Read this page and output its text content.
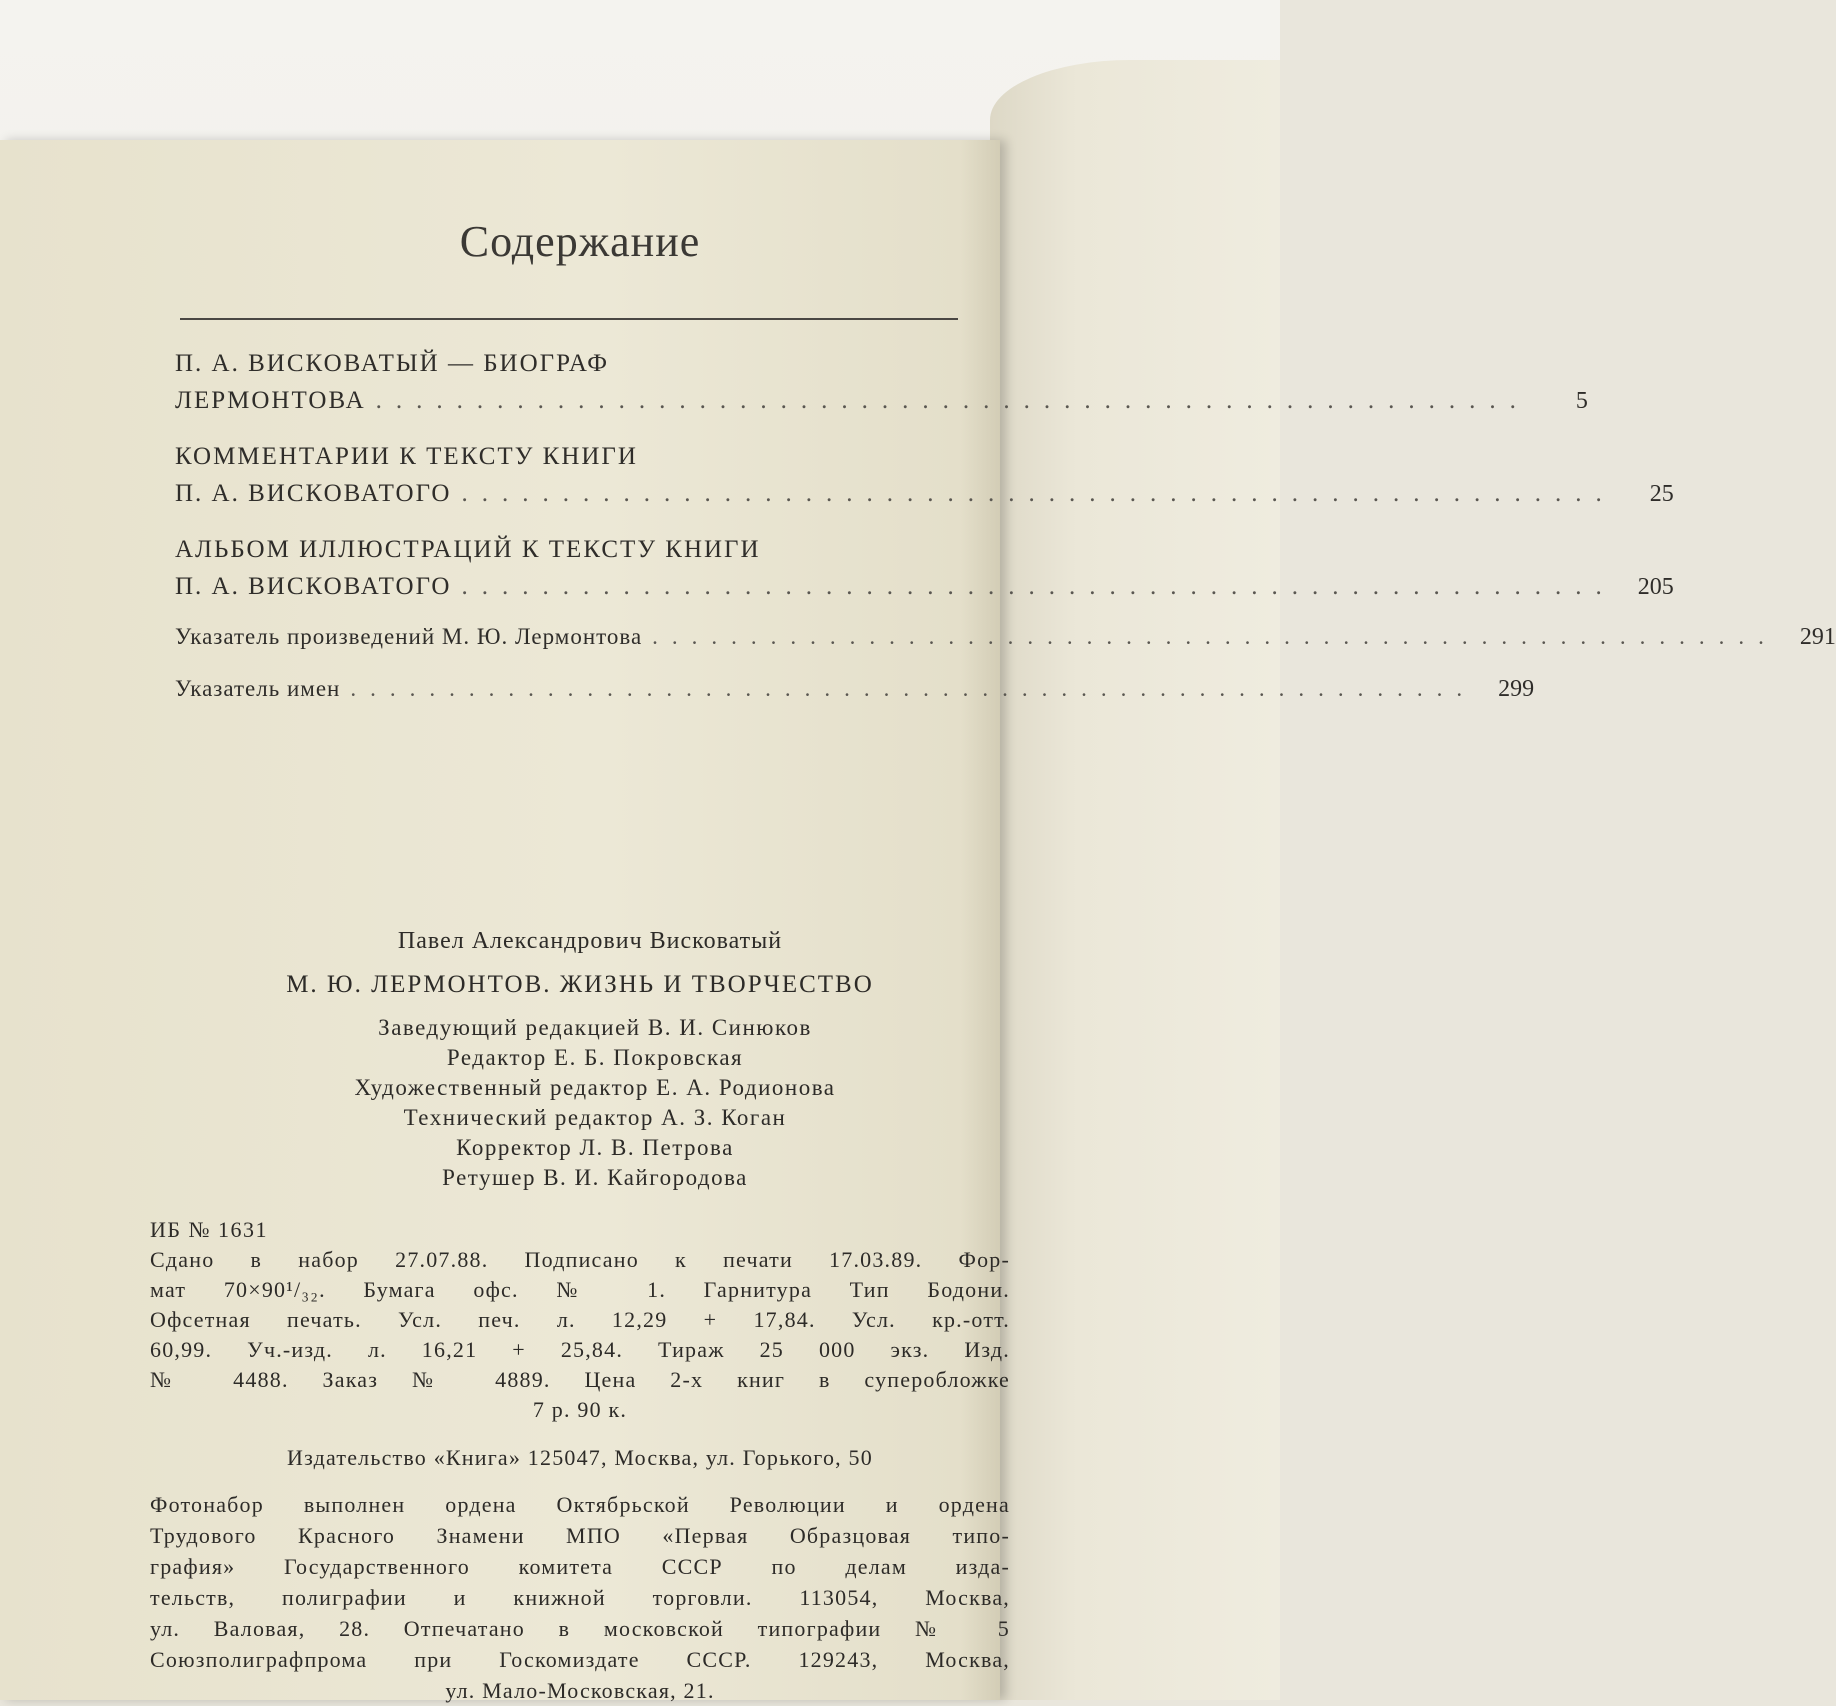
Содержание
П. А. ВИСКОВАТЫЙ — БИОГРАФ
ЛЕРМОНТОВА .........................................................	5
КОММЕНТАРИИ К ТЕКСТУ КНИГИ
П. А. ВИСКОВАТОГО .........................................................	25
АЛЬБОМ ИЛЛЮСТРАЦИЙ К ТЕКСТУ КНИГИ
П. А. ВИСКОВАТОГО ......................................................... 205
Указатель произведений М. Ю. Лермонтова ......................................................... 291
Указатель имен ......................................................... 299
Павел Александрович Висковатый
М. Ю. ЛЕРМОНТОВ. ЖИЗНЬ И ТВОРЧЕСТВО
Заведующий редакцией В. И. Синюков
Редактор Е. Б. Покровская
Художественный редактор Е. А. Родионова
Технический редактор А. З. Коган
Корректор Л. В. Петрова
Ретушер В. И. Кайгородова
ИБ № 1631
Сдано в набор 27.07.88. Подписано к печати 17.03.89. Фор-
мат 70×90¹/₃₂. Бумага офс. № 1. Гарнитура Тип Бодони.
Офсетная печать. Усл. печ. л. 12,29 + 17,84. Усл. кр.-отт.
60,99. Уч.-изд. л. 16,21 + 25,84. Тираж 25 000 экз. Изд.
№ 4488. Заказ № 4889. Цена 2-х книг в суперобложке
7 р. 90 к.
Издательство «Книга» 125047, Москва, ул. Горького, 50
Фотонабор выполнен ордена Октябрьской Революции и ордена
Трудового Красного Знамени МПО «Первая Образцовая типо-
графия» Государственного комитета СССР по делам изда-
тельств, полиграфии и книжной торговли. 113054, Москва,
ул. Валовая, 28. Отпечатано в московской типографии № 5
Союзполиграфпрома при Госкомиздате СССР. 129243, Москва,
ул. Мало-Московская, 21.
